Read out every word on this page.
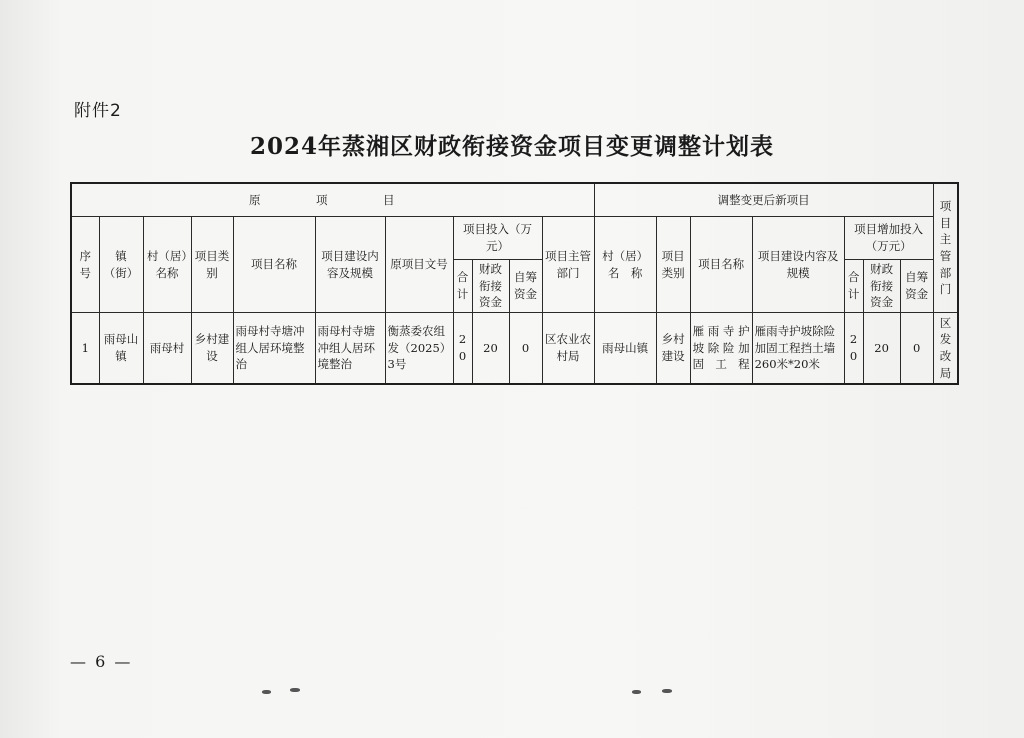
附件2
2024年蒸湘区财政衔接资金项目变更调整计划表
原　项　目											调整变更后新项目							项目主管部门
序号	镇（街）	村（居）名称	项目类别	项目名称	项目建设内容及规模	原项目文号	项目投入（万元）			项目主管部门	村（居）名　称	项目类别	项目名称	项目建设内容及规模	项目增加投入（万元）			
							合计	财政衔接资金	自筹资金						合计	财政衔接资金	自筹资金	
1	雨母山镇	雨母村	乡村建设	雨母村寺塘冲组人居环境整治	雨母村寺塘冲组人居环境整治	衡蒸委农组发（2025）3号	20	20	0	区农业农村局	雨母山镇	乡村建设	雁雨寺护坡除险加固工程	雁雨寺护坡除险加固工程挡土墙260米*20米	20	20	0	区发改局
— 6 —
